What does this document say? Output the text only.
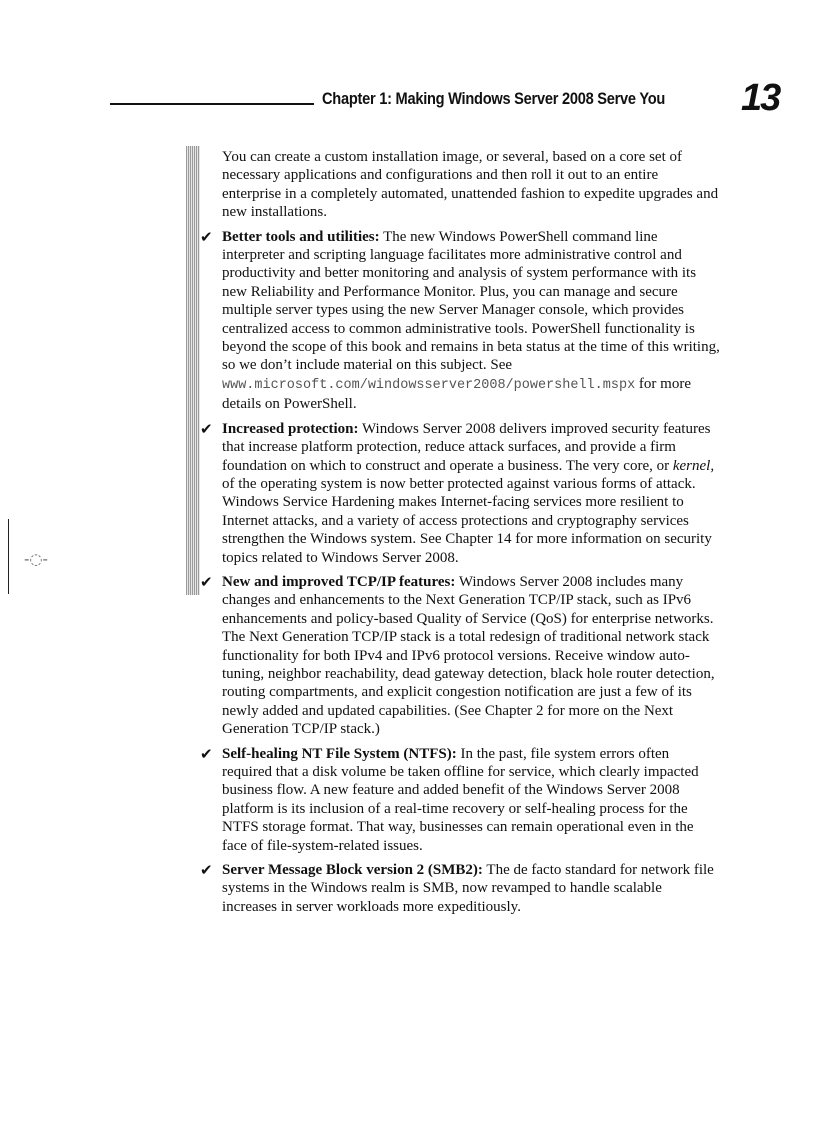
Chapter 1: Making Windows Server 2008 Serve You 13
-◌-

You can create a custom installation image, or several, based on a core set of necessary applications and configurations and then roll it out to an entire enterprise in a completely automated, unattended fashion to expedite upgrades and new installations.

✔ Better tools and utilities: The new Windows PowerShell command line interpreter and scripting language facilitates more administrative control and productivity and better monitoring and analysis of system performance with its new Reliability and Performance Monitor. Plus, you can manage and secure multiple server types using the new Server Manager console, which provides centralized access to common administrative tools. PowerShell functionality is beyond the scope of this book and remains in beta status at the time of this writing, so we don’t include material on this subject. See www.microsoft.com/windowsserver2008/powershell.mspx for more details on PowerShell.
✔ Increased protection: Windows Server 2008 delivers improved security features that increase platform protection, reduce attack surfaces, and provide a firm foundation on which to construct and operate a business. The very core, or kernel, of the operating system is now better protected against various forms of attack. Windows Service Hardening makes Internet-facing services more resilient to Internet attacks, and a variety of access protections and cryptography services strengthen the Windows system. See Chapter 14 for more information on security topics related to Windows Server 2008.
✔ New and improved TCP/IP features: Windows Server 2008 includes many changes and enhancements to the Next Generation TCP/IP stack, such as IPv6 enhancements and policy-based Quality of Service (QoS) for enterprise networks. The Next Generation TCP/IP stack is a total redesign of traditional network stack functionality for both IPv4 and IPv6 protocol versions. Receive window auto-tuning, neighbor reachability, dead gateway detection, black hole router detection, routing compartments, and explicit congestion notification are just a few of its newly added and updated capabilities. (See Chapter 2 for more on the Next Generation TCP/IP stack.)
✔ Self-healing NT File System (NTFS): In the past, file system errors often required that a disk volume be taken offline for service, which clearly impacted business flow. A new feature and added benefit of the Windows Server 2008 platform is its inclusion of a real-time recovery or self-healing process for the NTFS storage format. That way, businesses can remain operational even in the face of file-system-related issues.
✔ Server Message Block version 2 (SMB2): The de facto standard for network file systems in the Windows realm is SMB, now revamped to handle scalable increases in server workloads more expeditiously.
